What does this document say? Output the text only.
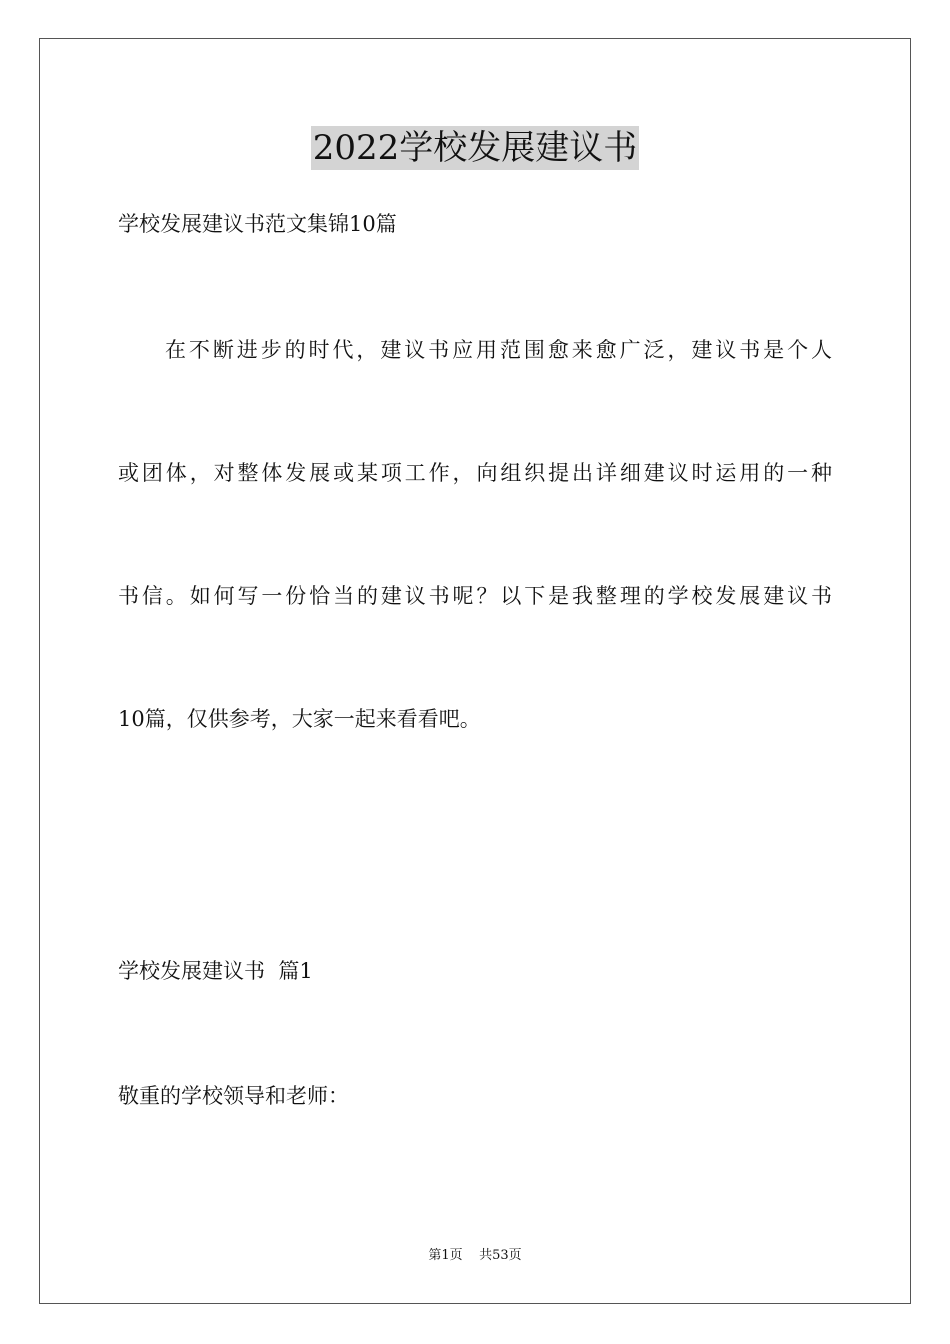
2022学校发展建议书
学校发展建议书范文集锦10篇
在不断进步的时代，建议书应用范围愈来愈广泛，建议书是个人
或团体，对整体发展或某项工作，向组织提出详细建议时运用的一种
书信。如何写一份恰当的建议书呢？以下是我整理的学校发展建议书
10篇，仅供参考，大家一起来看看吧。
学校发展建议书  篇1
敬重的学校领导和老师：
第1页    共53页
